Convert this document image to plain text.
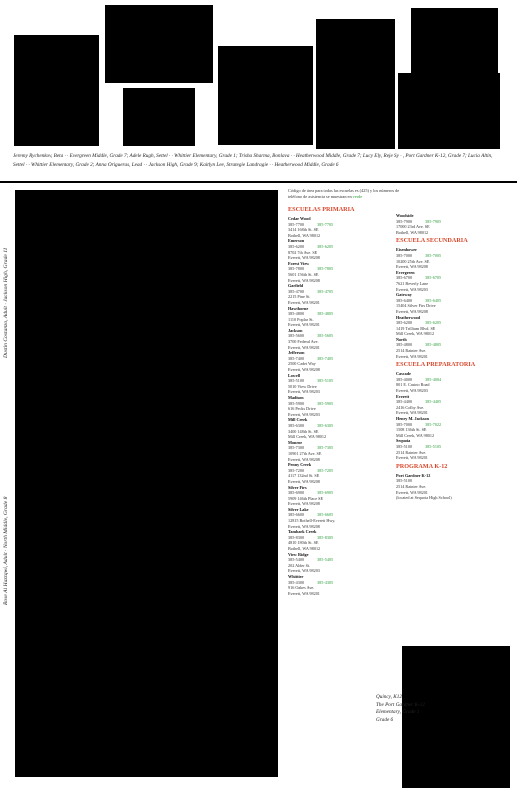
Jeremy Rychenkov, Beta · · Evergreen Middle, Grade 7; Adele Rugh, Settel · · Whittier Elementary, Grade 1; Trisha Sharma, Bonlava · · Heatherwood Middle, Grade 7; Lucy Ely, Reje Sy · , Port Gardner K-12, Grade 7; Lucia Altin, Settel · · Whittier Elementary, Grade 2; Anna Origueras, Lead · · Jackson High, Grade 9; Kaitlyn Lee, Strategie Landragie · · Heatherwood Middle, Grade 6
Dustin Costanzo, Adult · Jackson High, Grade 11
Rose Al Hazzqwi, Adult · North Middle, Grade 8
Código de área para todas las escuelas es (425) y los números de teléfono de asistencia se muestran en verde
ESCUELAS PRIMARIA
Cedar Wood
385-7700	385-7705
3414 168th St. SE
Bothell, WA 98012
Emerson
385-6200	385-6205
8702 7th Ave. SE
Everett, WA 98208
Forest View
385-7800	385-7805
5601 156th St. SE
Everett, WA 98208
Garfield
385-4700	385-4705
2215 Pine St.
Everett, WA 98201
Hawthorne
385-4800	385-4805
1110 Poplar St.
Everett, WA 98201
Jackson
385-5600	385-5605
3700 Federal Ave.
Everett, WA 98201
Jefferson
385-7400	385-7405
2500 Cadet Way
Everett, WA 98208
Lowell
385-5100	385-5105
5010 View Drive
Everett, WA 98203
Madison
385-5900	385-5905
616 Pecks Drive
Everett, WA 98203
Mill Creek
385-6300	385-6305
3400 148th St. SE
Mill Creek, WA 98012
Monroe
385-7300	385-7305
10901 27th Ave. SE
Everett, WA 98208
Penny Creek
385-7200	385-7205
4117 132nd St. SE
Everett, WA 98208
Silver Firs
385-6900	385-6905
5909 146th Place SE
Everett, WA 98208
Silver Lake
385-6600	385-6605
12815 Bothell-Everett Hwy.
Everett, WA 98208
Tambark Creek
385-8300	385-8305
4810 180th St. SE
Bothell, WA 98012
View Ridge
385-5400	385-5405
202 Alder St.
Everett, WA 98203
Whittier
385-4300	385-4305
916 Oakes Ave.
Everett, WA 98201
Woodside
385-7900	385-7905
17000 23rd Ave. SE
Bothell, WA 98012
ESCUELA SECUNDARIA
Eisenhower
385-7000	385-7005
10200 25th Ave. SE
Everett, WA 98208
Evergreen
385-6700	385-6705
7621 Beverly Lane
Everett, WA 98203
Gateway
385-6400	385-6405
15404 Silver Firs Drive
Everett, WA 98208
Heatherwood
385-6200	385-6205
1419 Trillium Blvd. SE
Mill Creek, WA 98012
North
385-4800	385-4805
2514 Rainier Ave.
Everett, WA 98201
ESCUELA PREPARATORIA
Cascade
385-4000	385-4004
801 E. Casino Road
Everett, WA 98203
Everett
385-4400	385-4405
2416 Colby Ave.
Everett, WA 98201
Henry M. Jackson
385-7000	385-7022
1508 136th St. SE
Mill Creek, WA 98012
Sequoia
385-5100	385-5105
2514 Rainier Ave.
Everett, WA 98201
PROGRAMA K-12
Port Gardner K-12
385-5100
2514 Rainier Ave.
Everett, WA 98201
(located at Sequoia High School)
Quincy, K12
The Port Gardner K-12
Elementary, Grade 1
Grade 6
